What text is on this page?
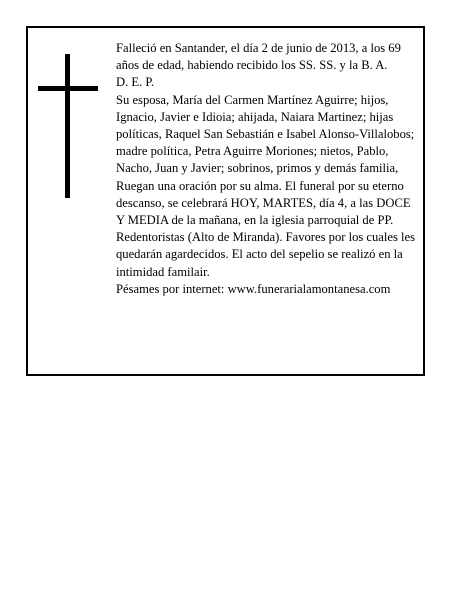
Falleció en Santander, el día 2 de junio de 2013, a los 69 años de edad, habiendo recibido los SS. SS. y la B. A.

D. E. P.

Su esposa, María del Carmen Martínez Aguirre; hijos, Ignacio, Javier e Idioia; ahijada, Naiara Martinez; hijas políticas, Raquel San Sebastián e Isabel Alonso-Villalobos; madre política, Petra Aguirre Moriones; nietos, Pablo, Nacho, Juan y Javier; sobrinos, primos y demás familia,

Ruegan una oración por su alma. El funeral por su eterno descanso, se celebrará HOY, MARTES, día 4, a las DOCE Y MEDIA de la mañana, en la iglesia parroquial de PP. Redentoristas (Alto de Miranda). Favores por los cuales les quedarán agardecidos. El acto del sepelio se realizó en la intimidad familair.

Pésames por internet: www.funerarialamontanesa.com
